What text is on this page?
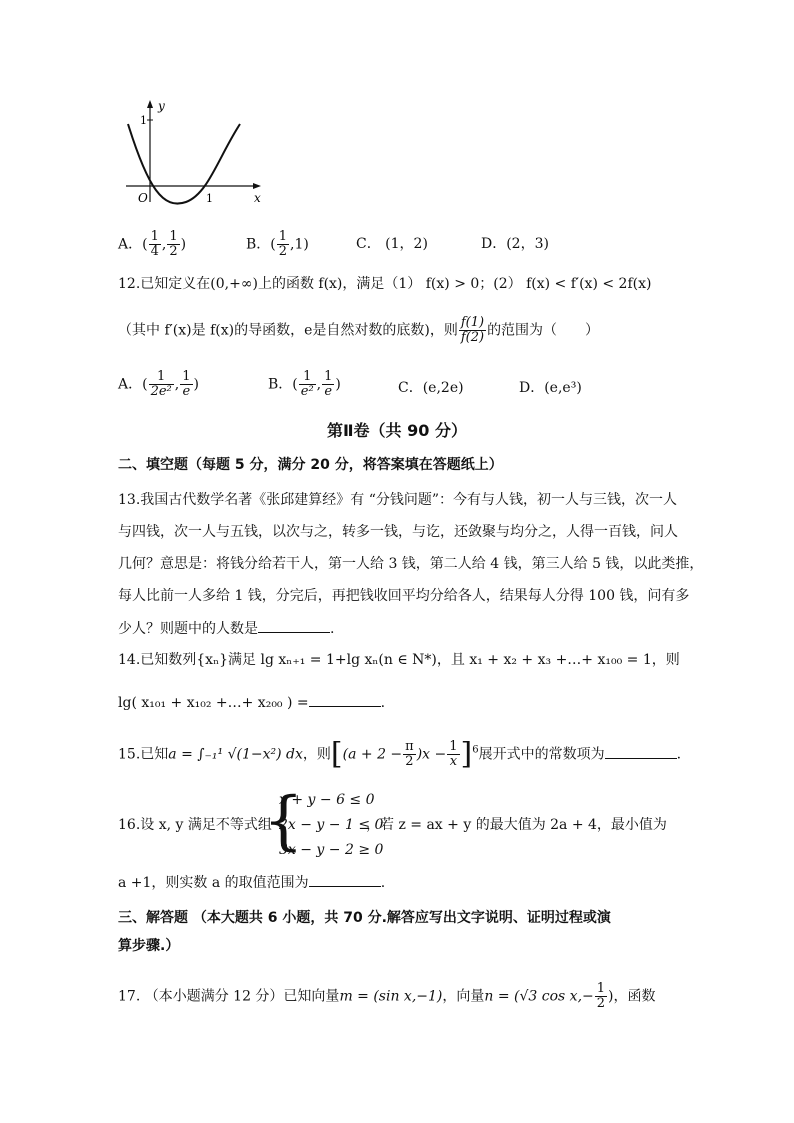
y
x
O
1
1
A．( $\frac{1}{4}$ , $\frac{1}{2}$ )	B．( $\frac{1}{2} ,1$)	C． (1，2)	D．(2，3)
12.已知定义在(0,+∞)上的函数 f(x)，满足（1） f(x) > 0；(2） f(x) < f′(x) < 2f(x)
（其中 f′(x)是 f(x)的导函数，e是自然对数的底数)，则 $\frac{f(1)}{f(2)}$ 的范围为（　　）
A．( $\frac{1}{\text{2e²}}$ , $\frac{1}{e}$ )	B．( $\frac{1}{\text{e²}}$ , $\frac{1}{e}$ )	C．(e,2e)	D．(e,e³)
第Ⅱ卷（共 90 分）
二、填空题（每题 5 分，满分 20 分，将答案填在答题纸上）
13.我国古代数学名著《张邱建算经》有 “分钱问题”：今有与人钱，初一人与三钱，次一人
与四钱，次一人与五钱，以次与之，转多一钱，与讫，还敛聚与均分之，人得一百钱，问人
几何？意思是：将钱分给若干人，第一人给 3 钱，第二人给 4 钱，第三人给 5 钱，以此类推，
每人比前一人多给 1 钱，分完后，再把钱收回平均分给各人，结果每人分得 100 钱，问有多
少人？则题中的人数是	.
14.已知数列{xₙ}满足 lg xₙ₊₁ = 1+lg xₙ(n ∈ N*)，且 x₁ + x₂ + x₃ +…+ x₁₀₀ = 1，则
lg( x₁₀₁ + x₁₀₂ +…+ x₂₀₀ ) =	.
15.已知a = ∫₋₁¹ √(1−x²) dx，则$[(a + 2 - \frac{\pi}{2} )x - \frac{1}{x} ]^6$展开式中的常数项为	.
16.设 x, y 满足不等式组
{
x + y − 6 ≤ 0
2x − y − 1 ≤ 0
3x − y − 2 ≥ 0
，若 z = ax + y 的最大值为 2a + 4，最小值为
a +1，则实数 a 的取值范围为	.
三、解答题 （本大题共 6 小题，共 70 分.解答应写出文字说明、证明过程或演
算步骤.）
17. （本小题满分 12 分）已知向量m = (sin x,−1)，向量n = (√3 $\cos x,- \frac{1}{2}$ )，函数
